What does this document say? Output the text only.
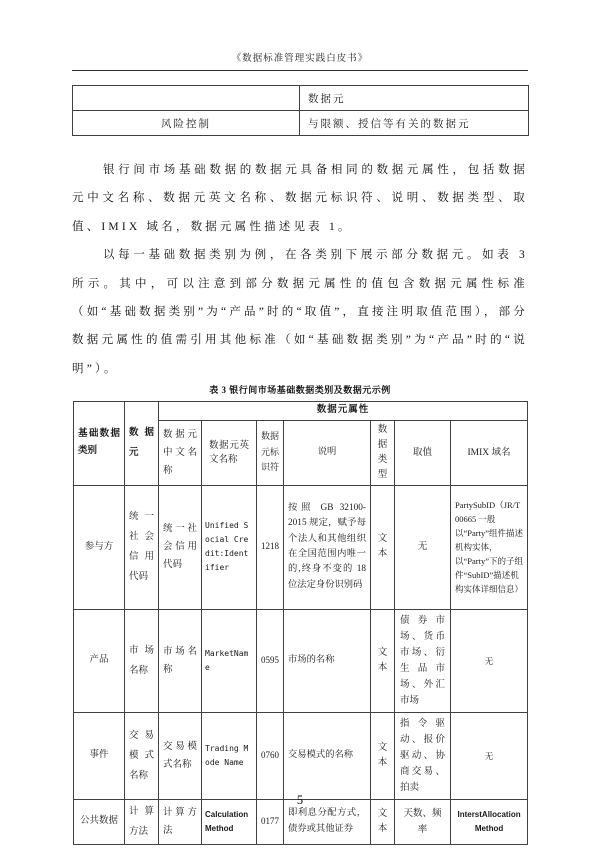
《数据标准管理实践白皮书》
	数据元
风险控制	与限额、授信等有关的数据元

银行间市场基础数据的数据元具备相同的数据元属性，包括数据元中文名称、数据元英文名称、数据元标识符、说明、数据类型、取值、IMIX 域名，数据元属性描述见表 1。

以每一基础数据类别为例，在各类别下展示部分数据元。如表 3 所示。其中，可以注意到部分数据元属性的值包含数据元属性标准（如“基础数据类别”为“产品”时的“取值”，直接注明取值范围），部分数据元属性的值需引用其他标准（如“基础数据类别”为“产品”时的“说明”）。

表 3 银行间市场基础数据类别及数据元示例
基础数据类别	数据元	数据元属性						
		数据元中文名称	数据元英文名称	数据元标识符	说明	数据类型	取值	IMIX 域名
参与方	统一社会信用代码	统一社会信用代码	Unified Social Credit:Identifier	1218	按照 GB 32100-2015 规定，赋予每个法人和其他组织在全国范围内唯一的,终身不变的 18 位法定身份识别码	文本	无	PartySubID（JR/T 00665 一般以“Party”组件描述机构实体，以“Party”下的子组件“SubID”描述机构实体详细信息）
产品	市场名称	市场名称	MarketName	0595	市场的名称	文本	债券市场、货币市场、衍生品市场、外汇市场	无
事件	交易模式名称	交易模式名称	Trading Mode Name	0760	交易模式的名称	文本	指令驱动、报价驱动、协商交易、拍卖	无
公共数据	计算方法	计算方法	Calculation Method	0177	即利息分配方式，债券或其他证券	文本	天数、频率	InterstAllocation Method
5
